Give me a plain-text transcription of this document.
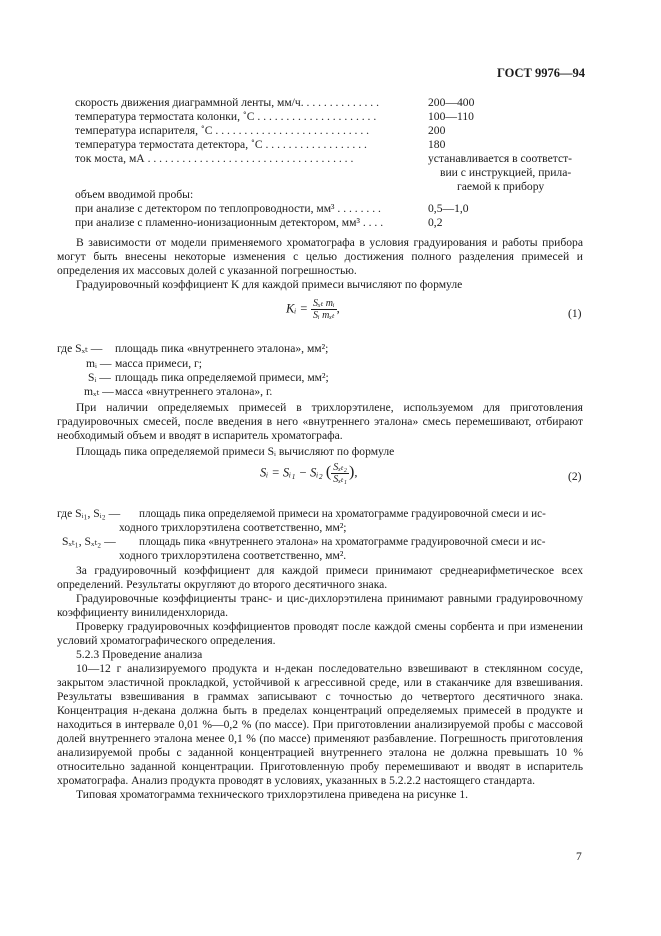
ГОСТ 9976—94
скорость движения диаграммной ленты, мм/ч. . . . . . . . . . . . . .	200—400
температура термостата колонки, ˚С . . . . . . . . . . . . . . . . . . . . .	100—110
температура испарителя, ˚С . . . . . . . . . . . . . . . . . . . . . . . . . . .	200
температура термостата детектора, ˚С . . . . . . . . . . . . . . . . . .	180
ток моста, мА . . . . . . . . . . . . . . . . . . . . . . . . . . . . . . . . . . . .	устанавливается в соответст-
вии с инструкцией, прила-
гаемой к прибору
объем вводимой пробы:
при анализе с детектором по теплопроводности, мм³ . . . . . . . .	0,5—1,0
при анализе с пламенно-ионизационным детектором, мм³ . . . .	0,2
В зависимости от модели применяемого хроматографа в условия градуирования и работы прибора могут быть внесены некоторые изменения с целью достижения полного разделения примесей и определения их массовых долей с указанной погрешностью.
Градуировочный коэффициент K для каждой примеси вычисляют по формуле
Kᵢ = $\frac{\text{Sₓₜ mᵢ}}{\text{Sᵢ mₓₜ}}$ ,	(1)
где Sₓₜ — площадь пика «внутреннего эталона», мм²;
mᵢ — масса примеси, г;
Sᵢ — площадь пика определяемой примеси, мм²;
mₓₜ — масса «внутреннего эталона», г.
При наличии определяемых примесей в трихлорэтилене, используемом для приготовления градуировочных смесей, после введения в него «внутреннего эталона» смесь перемешивают, отбирают необходимый объем и вводят в испаритель хроматографа.
Площадь пика определяемой примеси Sᵢ вычисляют по формуле
Sᵢ = Sᵢ₁ − Sᵢ₂ ( $\frac{\text{Sₓₜ₂}}{\text{Sₓₜ₁}}$ ),	(2)
где Sᵢ₁, Sᵢ₂ — площадь пика определяемой примеси на хроматограмме градуировочной смеси и ис-
ходного трихлорэтилена соответственно, мм²;
Sₓₜ₁, Sₓₜ₂ — площадь пика «внутреннего эталона» на хроматограмме градуировочной смеси и ис-
ходного трихлорэтилена соответственно, мм².
За градуировочный коэффициент для каждой примеси принимают среднеарифметическое всех определений. Результаты округляют до второго десятичного знака.
Градуировочные коэффициенты транс- и цис-дихлорэтилена принимают равными градуировочному коэффициенту винилиденхлорида.
Проверку градуировочных коэффициентов проводят после каждой смены сорбента и при изменении условий хроматографического определения.
5.2.3 Проведение анализа
10—12 г анализируемого продукта и н-декан последовательно взвешивают в стеклянном сосуде, закрытом эластичной прокладкой, устойчивой к агрессивной среде, или в стаканчике для взвешивания. Результаты взвешивания в граммах записывают с точностью до четвертого десятичного знака. Концентрация н-декана должна быть в пределах концентраций определяемых примесей в продукте и находиться в интервале 0,01 %—0,2 % (по массе). При приготовлении анализируемой пробы с массовой долей внутреннего эталона менее 0,1 % (по массе) применяют разбавление. Погрешность приготовления анализируемой пробы с заданной концентрацией внутреннего эталона не должна превышать 10 % относительно заданной концентрации. Приготовленную пробу перемешивают и вводят в испаритель хроматографа. Анализ продукта проводят в условиях, указанных в 5.2.2.2 настоящего стандарта.
Типовая хроматограмма технического трихлорэтилена приведена на рисунке 1.
7
